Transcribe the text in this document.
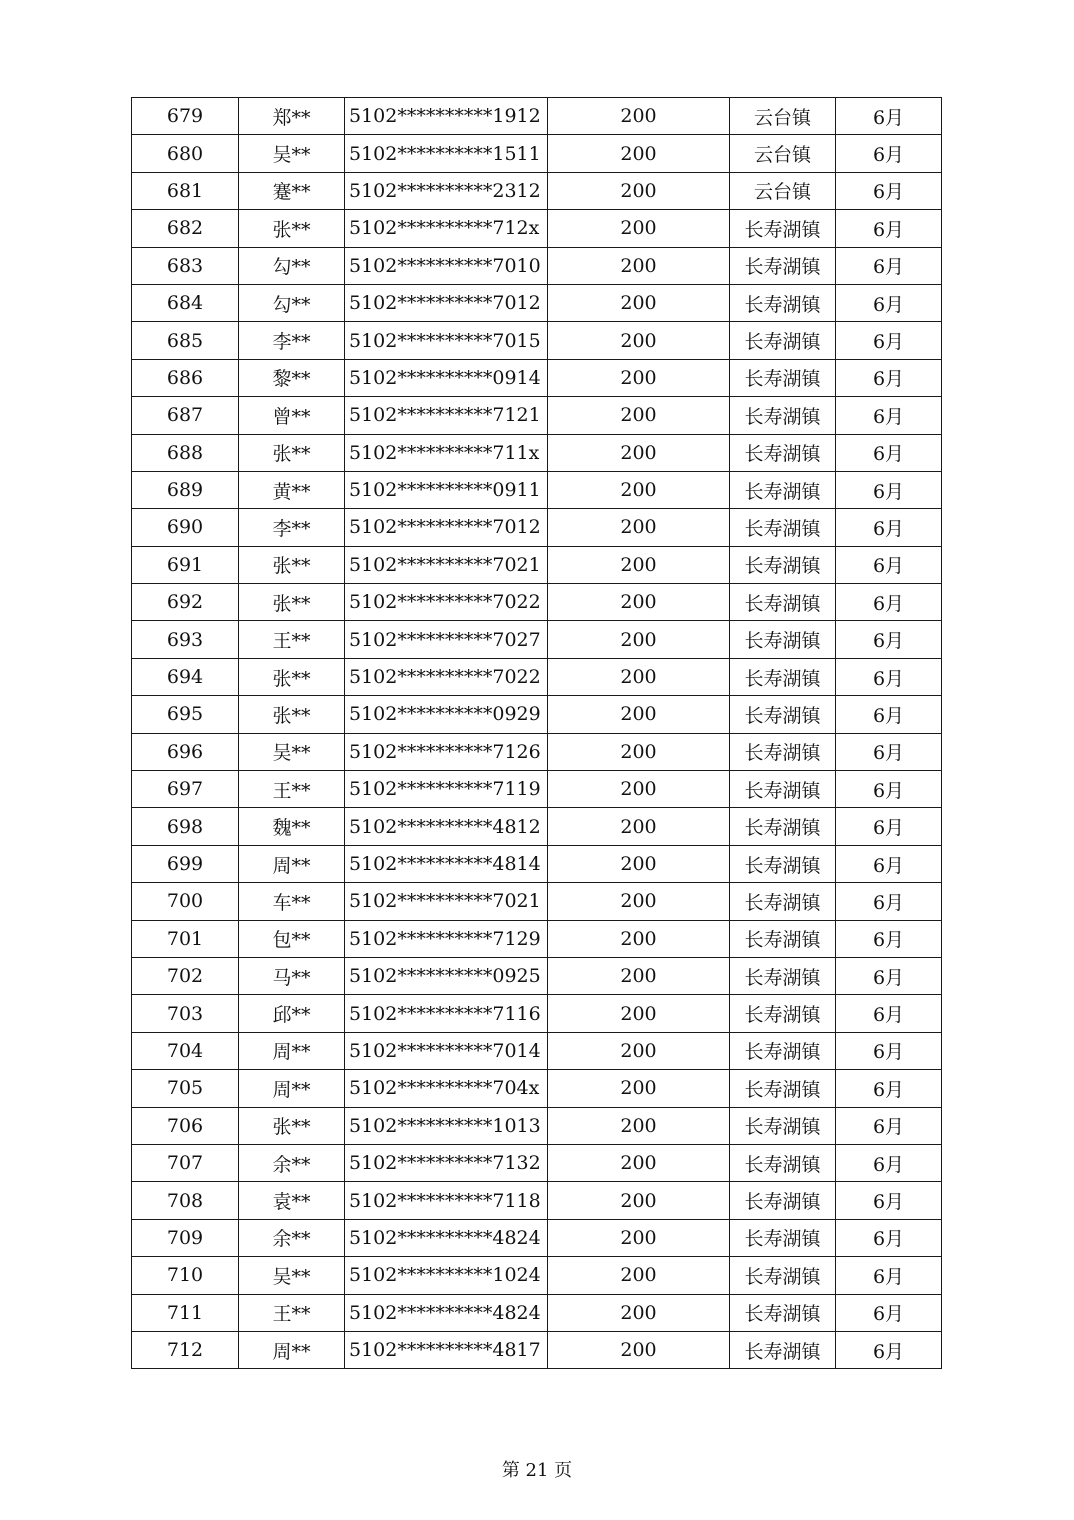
679	郑**	5102**********1912	200	云台镇	6月
680	吴**	5102**********1511	200	云台镇	6月
681	蹇**	5102**********2312	200	云台镇	6月
682	张**	5102**********712x	200	长寿湖镇	6月
683	勾**	5102**********7010	200	长寿湖镇	6月
684	勾**	5102**********7012	200	长寿湖镇	6月
685	李**	5102**********7015	200	长寿湖镇	6月
686	黎**	5102**********0914	200	长寿湖镇	6月
687	曾**	5102**********7121	200	长寿湖镇	6月
688	张**	5102**********711x	200	长寿湖镇	6月
689	黄**	5102**********0911	200	长寿湖镇	6月
690	李**	5102**********7012	200	长寿湖镇	6月
691	张**	5102**********7021	200	长寿湖镇	6月
692	张**	5102**********7022	200	长寿湖镇	6月
693	王**	5102**********7027	200	长寿湖镇	6月
694	张**	5102**********7022	200	长寿湖镇	6月
695	张**	5102**********0929	200	长寿湖镇	6月
696	吴**	5102**********7126	200	长寿湖镇	6月
697	王**	5102**********7119	200	长寿湖镇	6月
698	魏**	5102**********4812	200	长寿湖镇	6月
699	周**	5102**********4814	200	长寿湖镇	6月
700	车**	5102**********7021	200	长寿湖镇	6月
701	包**	5102**********7129	200	长寿湖镇	6月
702	马**	5102**********0925	200	长寿湖镇	6月
703	邱**	5102**********7116	200	长寿湖镇	6月
704	周**	5102**********7014	200	长寿湖镇	6月
705	周**	5102**********704x	200	长寿湖镇	6月
706	张**	5102**********1013	200	长寿湖镇	6月
707	余**	5102**********7132	200	长寿湖镇	6月
708	袁**	5102**********7118	200	长寿湖镇	6月
709	余**	5102**********4824	200	长寿湖镇	6月
710	吴**	5102**********1024	200	长寿湖镇	6月
711	王**	5102**********4824	200	长寿湖镇	6月
712	周**	5102**********4817	200	长寿湖镇	6月
第 21 页
